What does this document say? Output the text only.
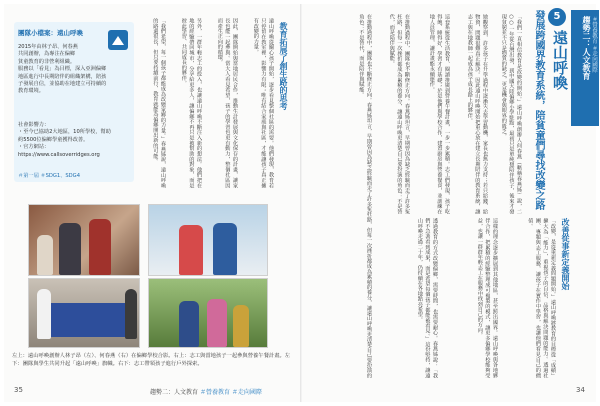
趨勢二：人文教育 ＃營養教育 ＃走向國際
5
遠山呼喚
發展跨國界教育系統，陪貧童們尋找改變之路
「我們一直相信教育是改變的開始。」遠山呼喚創辦人何春燕（暱稱春燕姊）說，二○○一年從台灣出發，到中國大陸偏鄉小學駐點，最初只是單純想陪伴孩子，後來才發現貧窮並不只是物質的缺乏，更是機會與眼界的匱乏。
她觀察到，許多孩子在升學過程中逐漸失去學習動機，家長也無力支持；若只給錢、給物資，問題很難真正解決。因此遠山呼喚開始把重心放在建立長期陪伴的教育系統，讓志工與在地教師一起成為孩子成長路上的夥伴。
這套系統從生活教育、閱讀推廣到營養午餐計畫，一步一步累積。志工們發現，孩子吃得飽、睡得好，學習才有基礎；於是他們與學校合作，建置廚房與營養餐食，並訓練在地人員管理，讓計畫能永續運作。
在推動過程中，團隊也不斷修正方向。春燕姊坦言，早期曾因為缺乏經驗而走了許多冤枉路，但每一次挫折都成為累積的養分，讓遠山呼喚更清楚自己要扮演的角色：不是替代，而是陪伴與賦能。
改善從事新定義開始
「改變，是從重新定義問題開始。」遠山呼喚將教育的目標從「成績」擴大為「能力」，重視孩子的自信、品格與解決問題的能力。透過社團、專題與志工服務，讓孩子在實作中學習，也讓他們看見自己的價值。
這樣的理念逐步擴展到其他地區，甚至跨出國界。遠山呼喚與各地夥伴合作，把累積的經驗整理成可複製的模式，讓更多偏鄉學校能夠受益，也讓一群群年輕志工在服務中找到自己的方向。
透過教育的方式改變偏鄉，需要時間，也需要耐心。春燕姊說：「我們不急著看到成果，而是希望每個孩子都能被看見。」這份堅持，讓遠山呼喚走過二十年，仍持續在各地點亮希望。
在推動過程中，團隊也不斷修正方向。春燕姊坦言，早期曾因為缺乏經驗而走了許多冤枉路，但每一次挫折都成為累積的養分，讓遠山呼喚更清楚自己要扮演的角色：不是替代，而是陪伴與賦能。
34
團隊小檔案：遠山呼喚
2015年由林子昂、何春燕
共同創辦，為專注在偏鄉
貧童教育的非營利組織。
服務以「看見」為目標，深入亞洲偏鄉
地區進行中長期陪伴的組織架構，陪孩
子發展自信，並協助在地建立可持續的
教育環境。
社會影響力：
・至今已協助2大地區，10所學校，幫助
約5500位偏鄉學童獲得改善。
・官方網站：https://www.callsoverridges.org
＃第一屆 ＃SDG1、SDG4
教育拓展了創生路的思考
遠山呼喚從關心孩子開始，逐步看見整個社區的需要。他們發現，教育若只停留在教室裡，影響力有限；唯有結合家庭與社區，才能讓孩子真正擁有改變的力量。
因此，團隊開始與當地居民合作，推動生計發展與文化保存的計畫，讓家長也能一起參與。當大人看見希望，孩子的學習也更有動力，整個社區因而產生正向的循環。
另外，一群年輕志工的投入，也讓遠山呼喚不斷注入新的想法。他們把在地的經驗帶回城市，分享給更多人，讓偏鄉不再只是被幫助的對象，而是彼此學習、共同成長的夥伴。
「我們希望，每一個孩子都能成為改變家鄉的力量。」春燕姊說，遠山呼喚的路還很長，但只要持續前行，教育就能為偏鄉開出新的可能。
左上：遠山呼喚創辦人林子昂（左）、何春燕（右）在偏鄉學校合影。右上：志工與當地孩子一起參與營養午餐計畫。左下：團隊與學生共同升起「遠山呼喚」旗幟。右下：志工帶領孩子進行戶外探索。
35	趨勢二：人文教育 ＃營養教育 ＃走向國際
